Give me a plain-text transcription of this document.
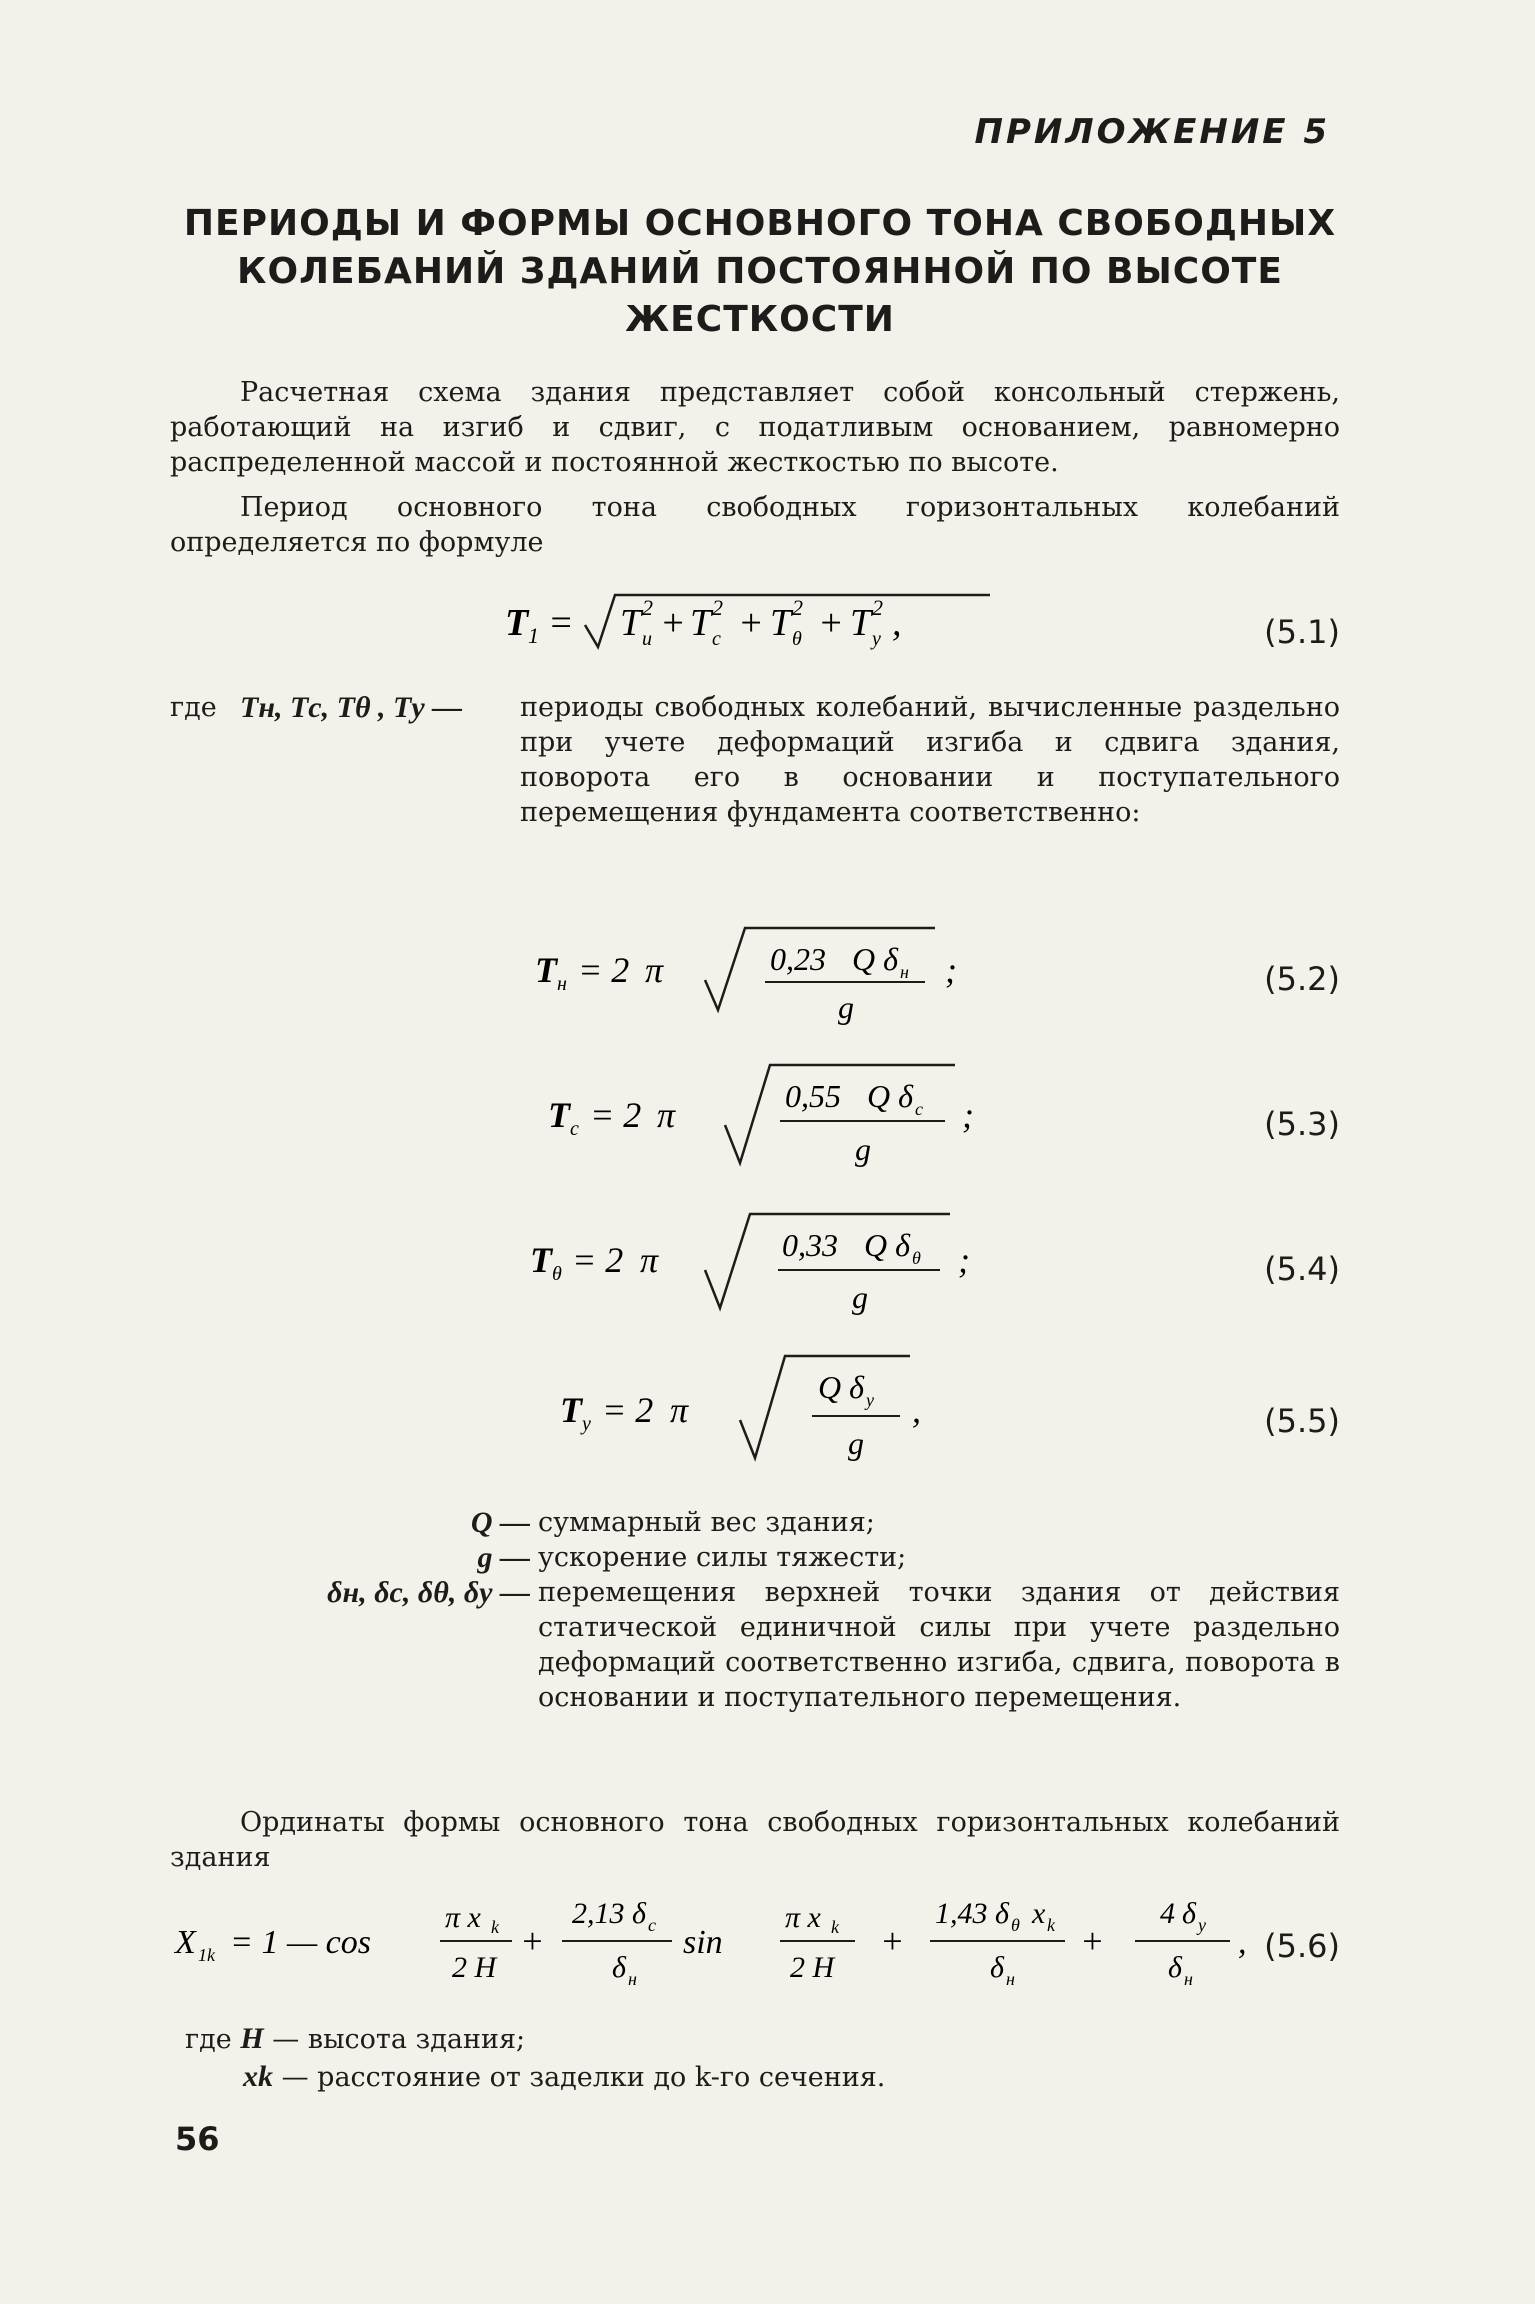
ПРИЛОЖЕНИЕ 5
ПЕРИОДЫ И ФОРМЫ ОСНОВНОГО ТОНА СВОБОДНЫХ
КОЛЕБАНИЙ ЗДАНИЙ ПОСТОЯННОЙ ПО ВЫСОТЕ
ЖЕСТКОСТИ
Расчетная схема здания представляет собой консольный стержень, работающий на изгиб и сдвиг, с податливым основанием, равномерно распределенной массой и постоянной жесткостью по высоте.
Период основного тона свободных горизонтальных колебаний определяется по формуле
T 1 = T 2
и + T 2
с + T 2
θ + T 2
у ,	(5.1)
где Tн, Tс, Tθ , Tу — периоды свободных колебаний, вычисленные раздельно при учете деформаций изгиба и сдвига здания, поворота его в основании и поступательного перемещения фундамента соответственно:
T н = 2 π	0,23 Q δ н
g
;	(5.2)
T с = 2 π	0,55 Q δ с
g
;	(5.3)
T θ = 2 π	0,33 Q δ θ
g
;	(5.4)
T у = 2 π
Q δ у
g
,	(5.5)
Q — суммарный вес здания;
g — ускорение силы тяжести;
δн, δс, δθ, δу — перемещения верхней точки здания от действия статической единичной силы при учете раздельно деформаций соответственно изгиба, сдвига, поворота в основании и поступательного перемещения.
Ординаты формы основного тона свободных горизонтальных колебаний здания
X 1k = 1 — cos
π x k
2 H
+
2,13 δ с
δ н
sin
π x k
2 H
+
1,43 δ θ x k
δ н
+
4 δ у
δ н
, (5.6)
где H — высота здания;
xk — расстояние от заделки до k-го сечения.
56
